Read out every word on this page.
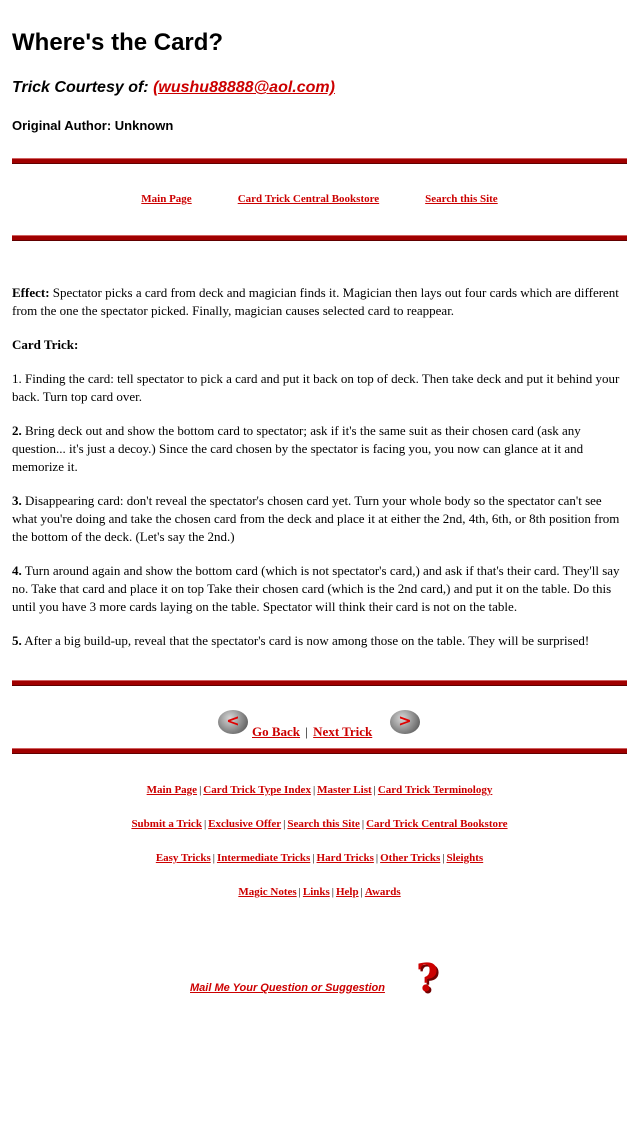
Where's the Card?
Trick Courtesy of: (wushu88888@aol.com)
Original Author: Unknown
Main Page	Card Trick Central Bookstore	Search this Site

Effect: Spectator picks a card from deck and magician finds it. Magician then lays out four cards which are different from the one the spectator picked. Finally, magician causes selected card to reappear.

Card Trick:

1. Finding the card: tell spectator to pick a card and put it back on top of deck. Then take deck and put it behind your back. Turn top card over.

2. Bring deck out and show the bottom card to spectator; ask if it's the same suit as their chosen card (ask any question... it's just a decoy.) Since the card chosen by the spectator is facing you, you now can glance at it and memorize it.

3. Disappearing card: don't reveal the spectator's chosen card yet. Turn your whole body so the spectator can't see what you're doing and take the chosen card from the deck and place it at either the 2nd, 4th, 6th, or 8th position from the bottom of the deck. (Let's say the 2nd.)

4. Turn around again and show the bottom card (which is not spectator's card,) and ask if that's their card. They'll say no. Take that card and place it on top Take their chosen card (which is the 2nd card,) and put it on the table. Do this until you have 3 more cards laying on the table. Spectator will think their card is not on the table.

5. After a big build-up, reveal that the spectator's card is now among those on the table. They will be surprised!

<
Go Back | Next Trick
>
Main Page | Card Trick Type Index | Master List | Card Trick Terminology
Submit a Trick | Exclusive Offer | Search this Site | Card Trick Central Bookstore
Easy Tricks | Intermediate Tricks | Hard Tricks | Other Tricks | Sleights
Magic Notes | Links | Help | Awards
Mail Me Your Question or Suggestion ?
